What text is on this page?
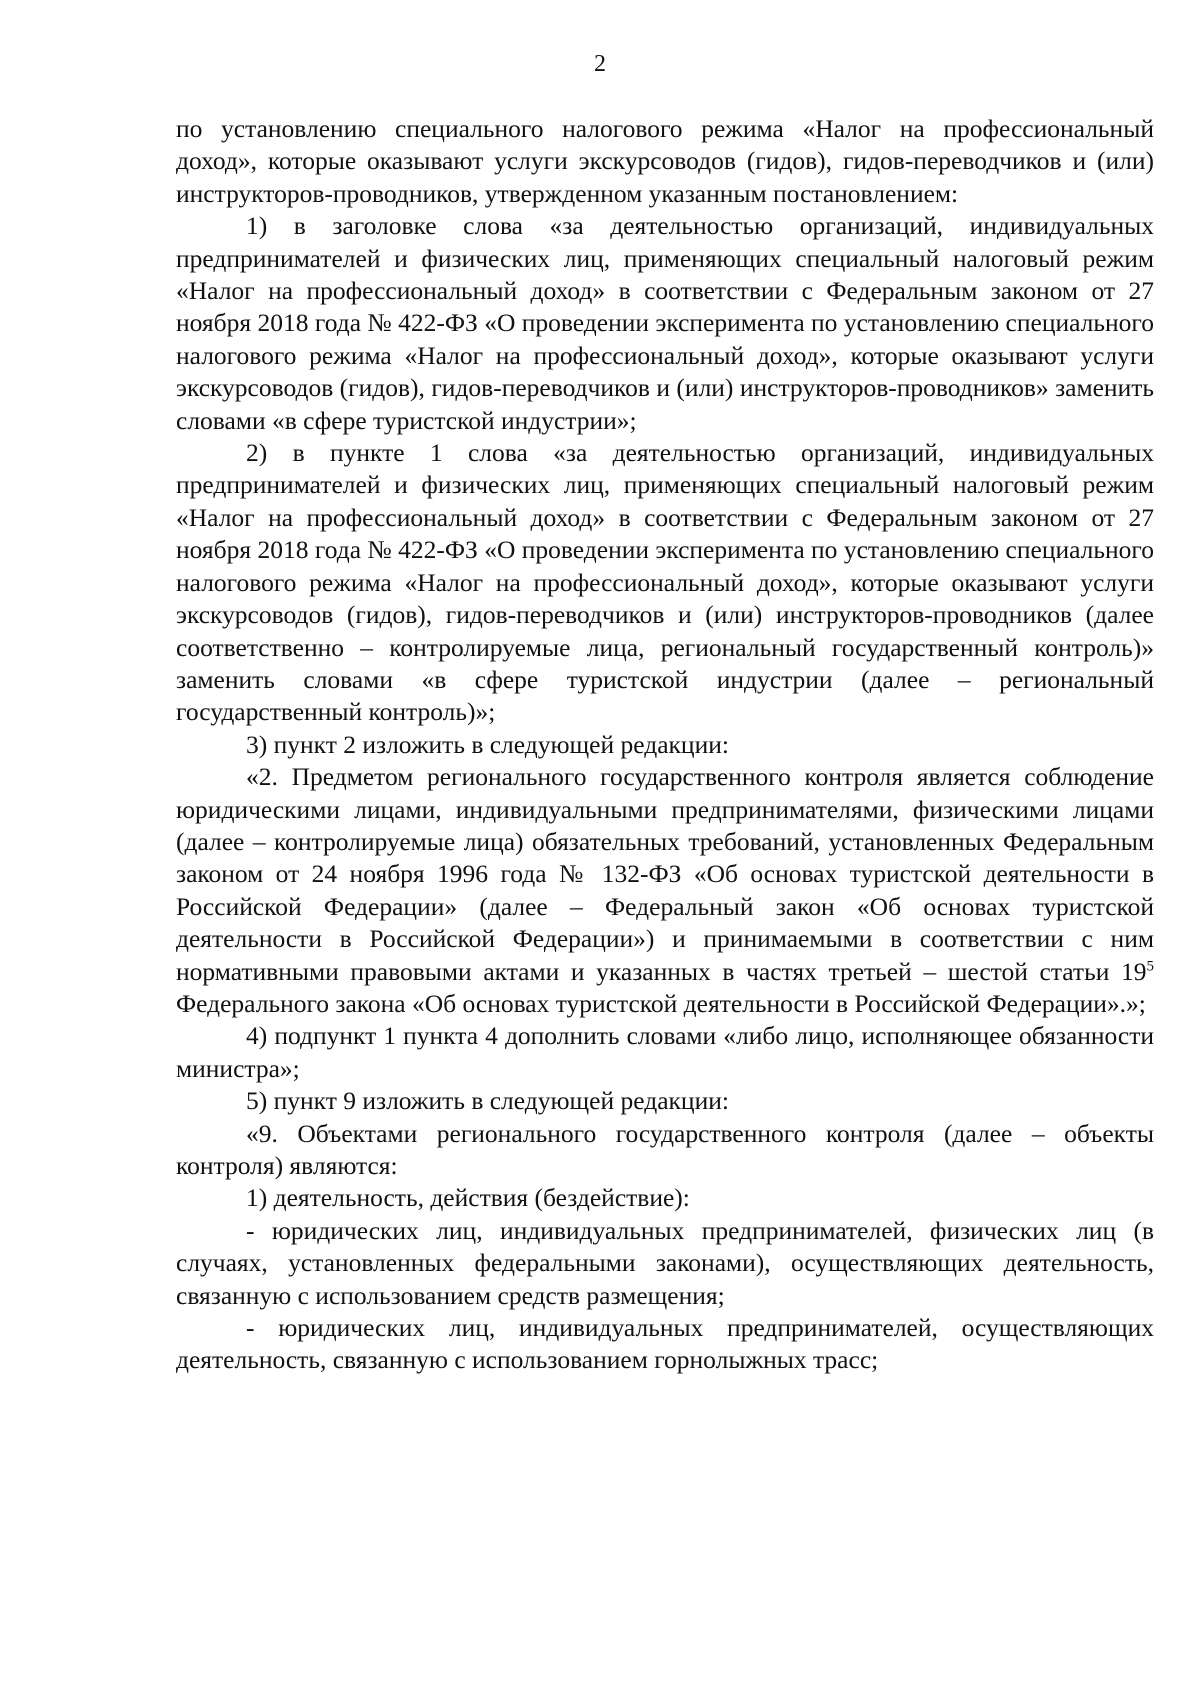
2

по установлению специального налогового режима «Налог на профессиональный доход», которые оказывают услуги экскурсоводов (гидов), гидов-переводчиков и (или) инструкторов-проводников, утвержденном указанным постановлением:

1) в заголовке слова «за деятельностью организаций, индивидуальных предпринимателей и физических лиц, применяющих специальный налоговый режим «Налог на профессиональный доход» в соответствии с Федеральным законом от 27 ноября 2018 года № 422-ФЗ «О проведении эксперимента по установлению специального налогового режима «Налог на профессиональный доход», которые оказывают услуги экскурсоводов (гидов), гидов-переводчиков и (или) инструкторов-проводников» заменить словами «в сфере туристской индустрии»;

2) в пункте 1 слова «за деятельностью организаций, индивидуальных предпринимателей и физических лиц, применяющих специальный налоговый режим «Налог на профессиональный доход» в соответствии с Федеральным законом от 27 ноября 2018 года № 422-ФЗ «О проведении эксперимента по установлению специального налогового режима «Налог на профессиональный доход», которые оказывают услуги экскурсоводов (гидов), гидов-переводчиков и (или) инструкторов-проводников (далее соответственно – контролируемые лица, региональный государственный контроль)» заменить словами «в сфере туристской индустрии (далее – региональный государственный контроль)»;

3) пункт 2 изложить в следующей редакции:

«2. Предметом регионального государственного контроля является соблюдение юридическими лицами, индивидуальными предпринимателями, физическими лицами (далее – контролируемые лица) обязательных требований, установленных Федеральным законом от 24 ноября 1996 года № 132-ФЗ «Об основах туристской деятельности в Российской Федерации» (далее – Федеральный закон «Об основах туристской деятельности в Российской Федерации») и принимаемыми в соответствии с ним нормативными правовыми актами и указанных в частях третьей – шестой статьи $19^5$ Федерального закона «Об основах туристской деятельности в Российской Федерации».»;

4) подпункт 1 пункта 4 дополнить словами «либо лицо, исполняющее обязанности министра»;

5) пункт 9 изложить в следующей редакции:

«9. Объектами регионального государственного контроля (далее – объекты контроля) являются:

1) деятельность, действия (бездействие):

- юридических лиц, индивидуальных предпринимателей, физических лиц (в случаях, установленных федеральными законами), осуществляющих деятельность, связанную с использованием средств размещения;

- юридических лиц, индивидуальных предпринимателей, осуществляющих деятельность, связанную с использованием горнолыжных трасс;
